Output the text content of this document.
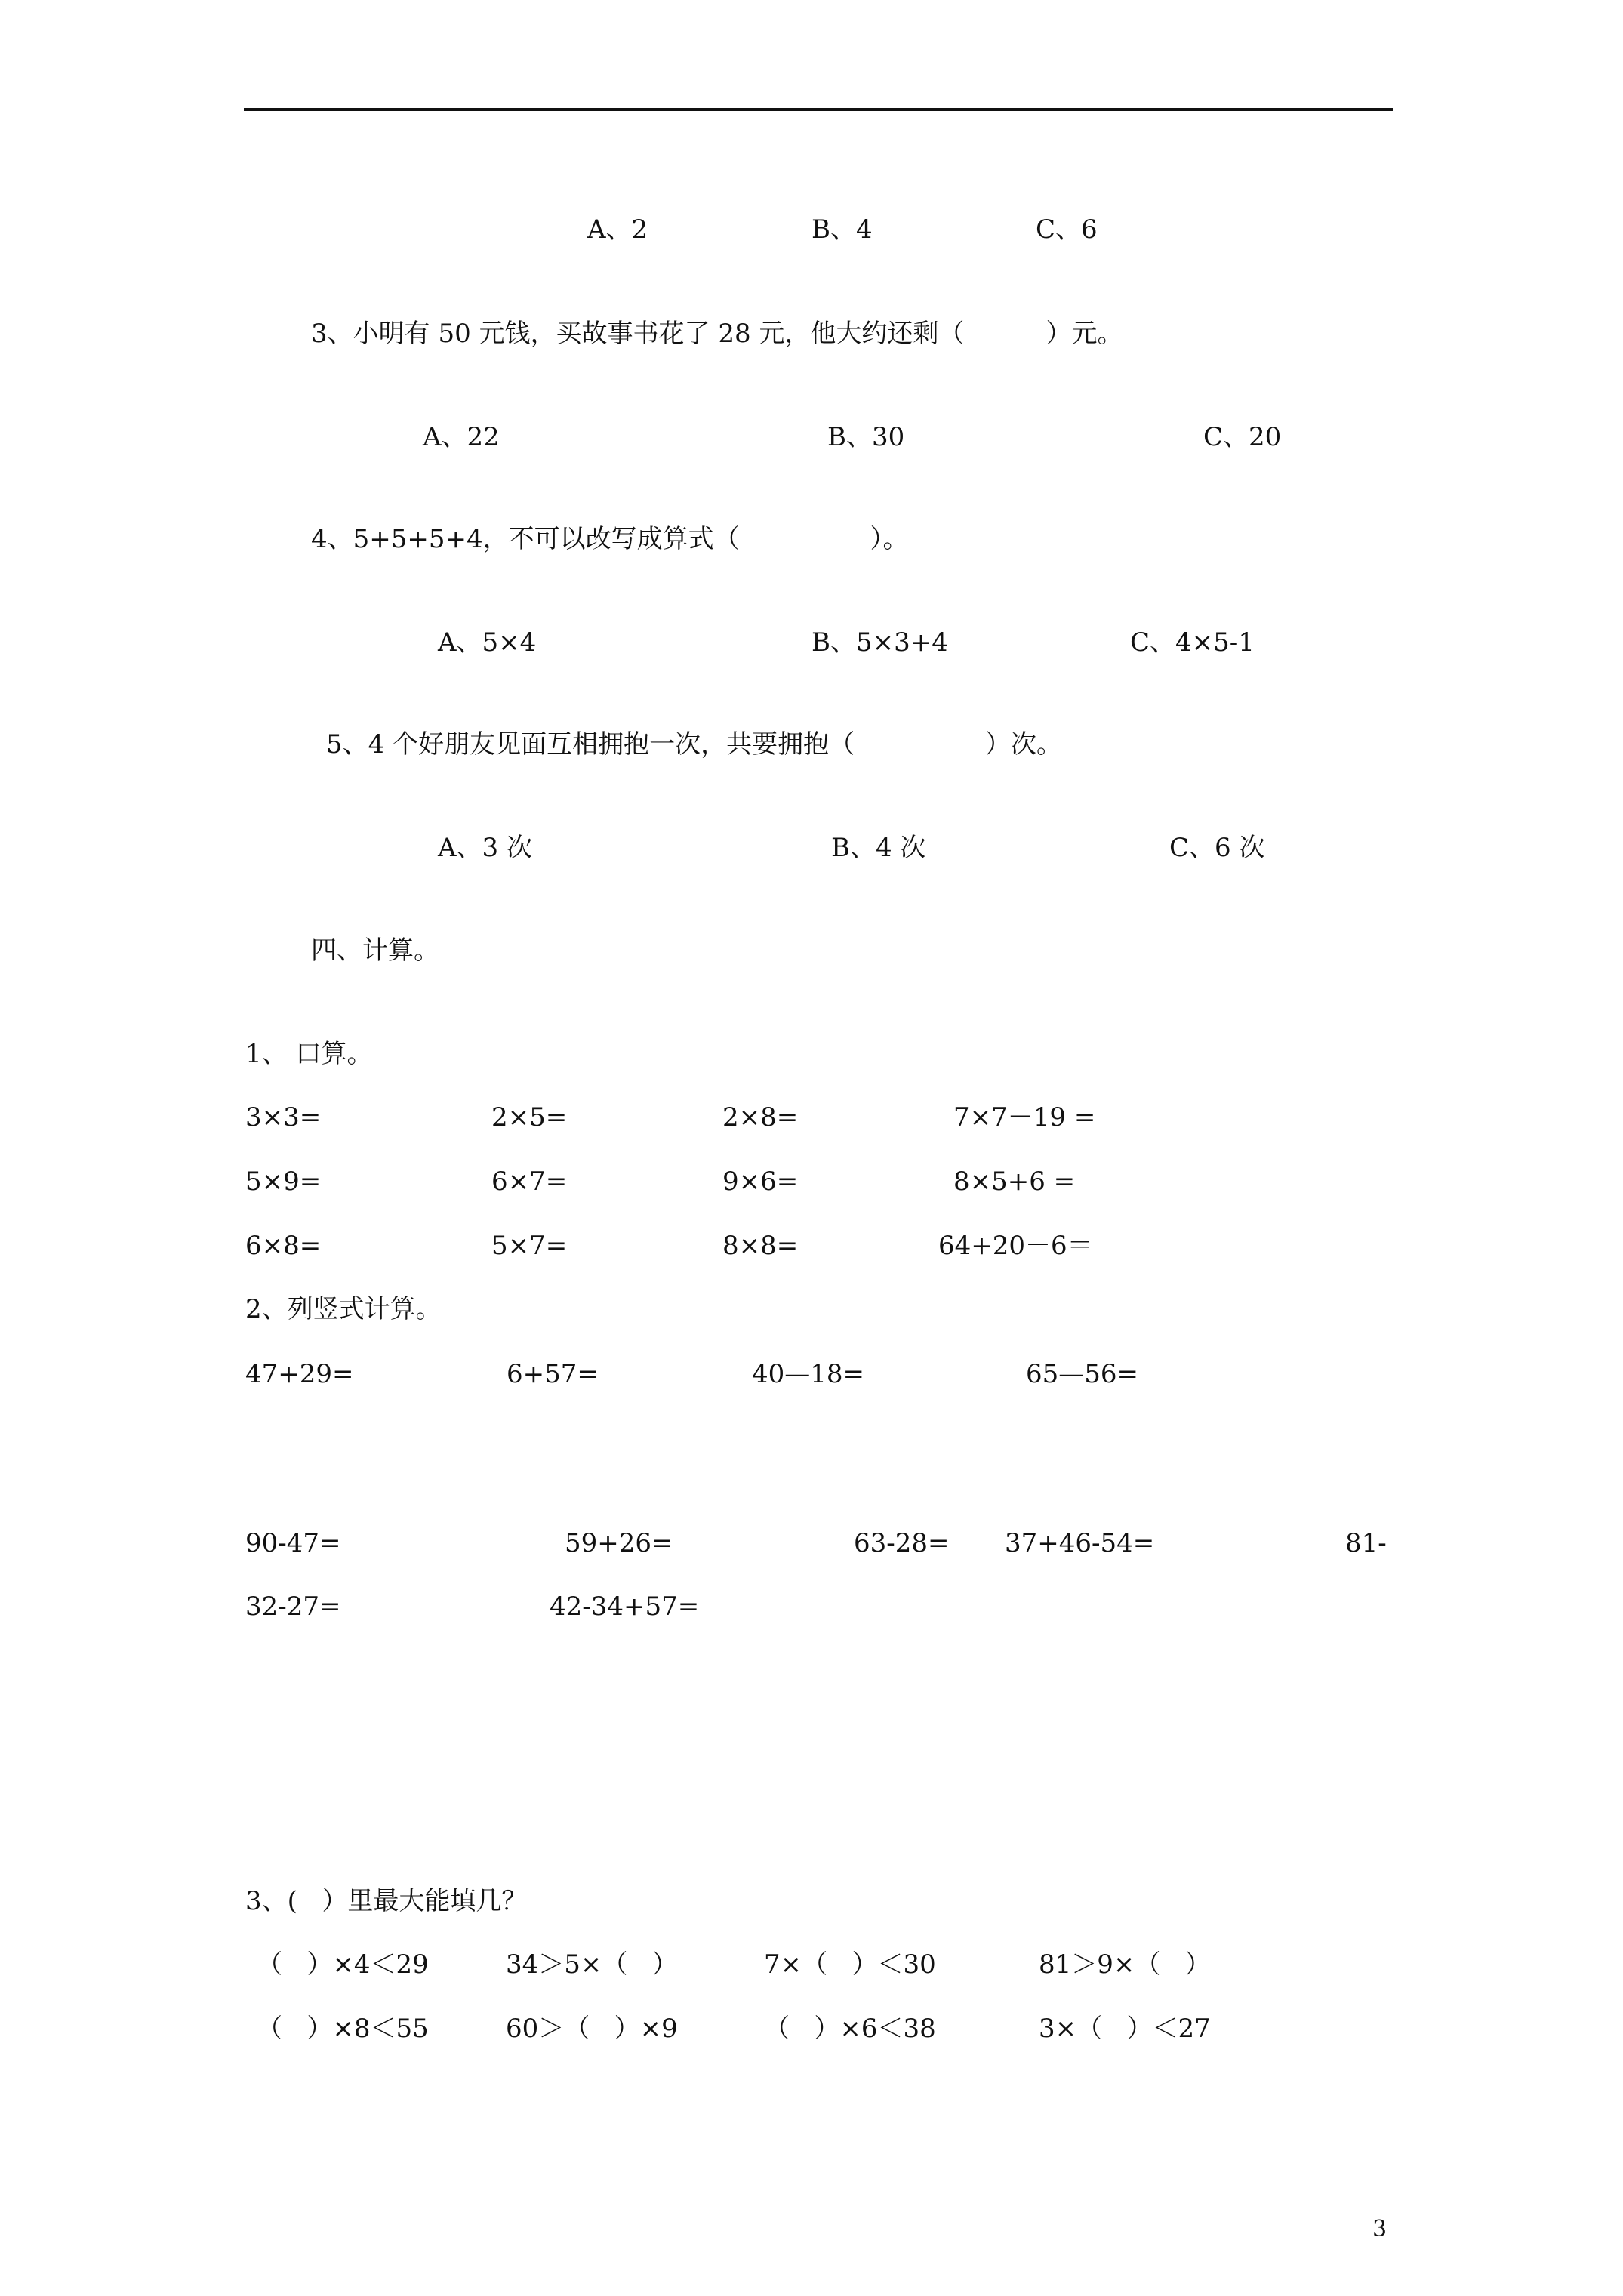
A、2	B、4	C、6
3、小明有 50 元钱，买故事书花了 28 元，他大约还剩（          ）元。
A、22	B、30	C、20
4、5+5+5+4，不可以改写成算式（                ）。
A、5×4	B、5×3+4	C、4×5-1
5、4 个好朋友见面互相拥抱一次，共要拥抱（                ）次。
A、3 次	B、4 次	C、6 次
四、计算。
1、 口算。
3×3=	2×5=	2×8=	7×7－19 =
5×9=	6×7=	9×6=	8×5+6 =
6×8=	5×7=	8×8=	64+20－6＝
2、列竖式计算。
47+29=	6+57=	40—18=	65—56=
90-47=	59+26=	63-28= 37+46-54=	81-
32-27=	42-34+57=
3、(   ）里最大能填几？
（   ）×4＜29	34＞5×（   ）	7×（   ）＜30	81＞9×（   ）
（   ）×8＜55	60＞（   ）×9	（   ）×6＜38	3×（   ）＜27
3
